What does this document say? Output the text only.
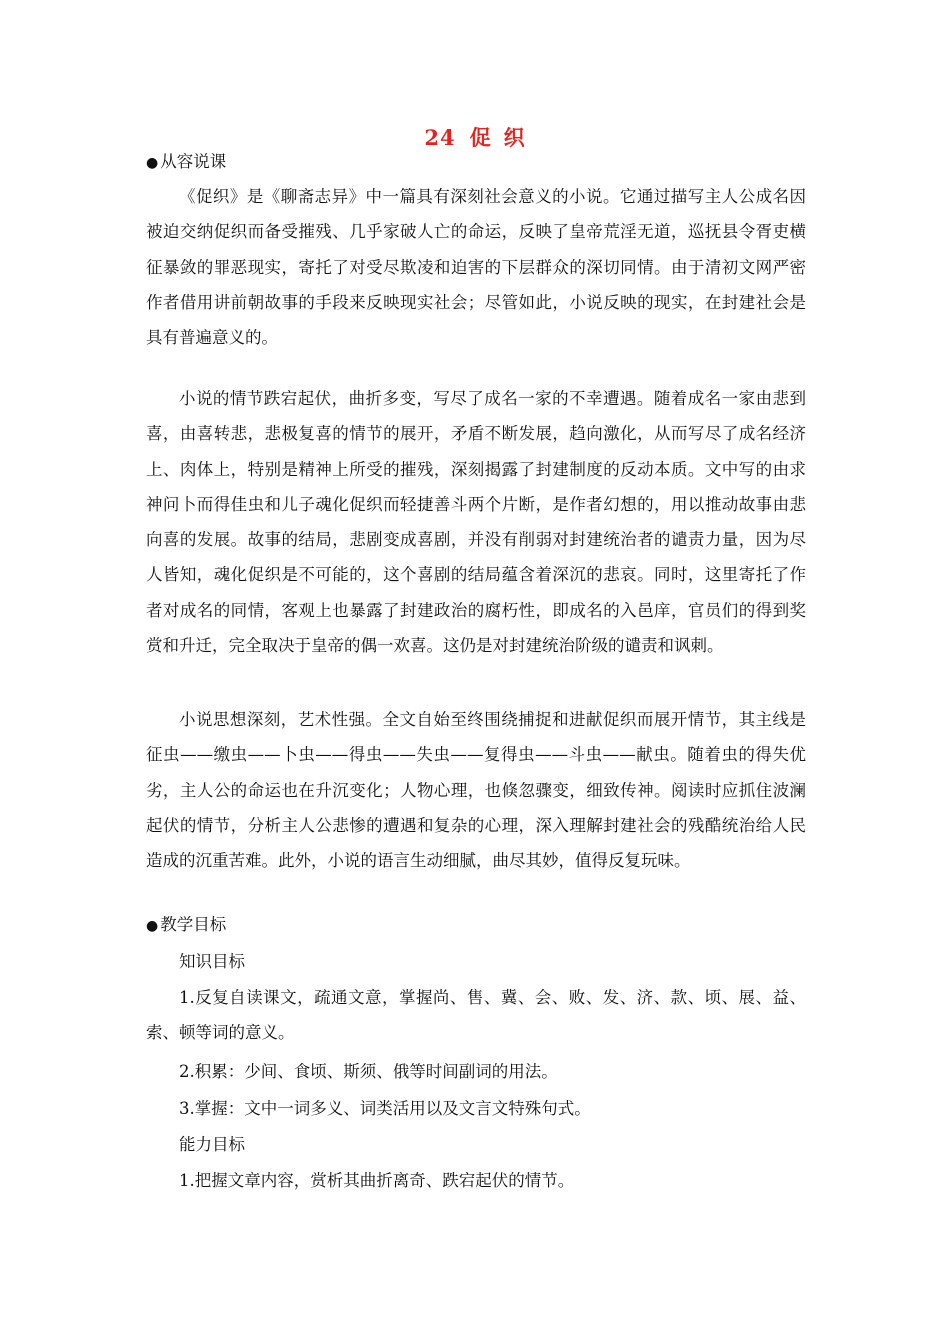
24 促 织
● 从容说课
《促织》是《聊斋志异》中一篇具有深刻社会意义的小说。它通过描写主人公成名因
被迫交纳促织而备受摧残、几乎家破人亡的命运，反映了皇帝荒淫无道，巡抚县令胥吏横
征暴敛的罪恶现实，寄托了对受尽欺凌和迫害的下层群众的深切同情。由于清初文网严密
作者借用讲前朝故事的手段来反映现实社会；尽管如此，小说反映的现实，在封建社会是
具有普遍意义的。
小说的情节跌宕起伏，曲折多变，写尽了成名一家的不幸遭遇。随着成名一家由悲到
喜，由喜转悲，悲极复喜的情节的展开，矛盾不断发展，趋向激化，从而写尽了成名经济
上、肉体上，特别是精神上所受的摧残，深刻揭露了封建制度的反动本质。文中写的由求
神问卜而得佳虫和儿子魂化促织而轻捷善斗两个片断，是作者幻想的，用以推动故事由悲
向喜的发展。故事的结局，悲剧变成喜剧，并没有削弱对封建统治者的谴责力量，因为尽
人皆知，魂化促织是不可能的，这个喜剧的结局蕴含着深沉的悲哀。同时，这里寄托了作
者对成名的同情，客观上也暴露了封建政治的腐朽性，即成名的入邑庠，官员们的得到奖
赏和升迁，完全取决于皇帝的偶一欢喜。这仍是对封建统治阶级的谴责和讽刺。
小说思想深刻，艺术性强。全文自始至终围绕捕捉和进献促织而展开情节，其主线是
征虫——缴虫——卜虫——得虫——失虫——复得虫——斗虫——献虫。随着虫的得失优
劣，主人公的命运也在升沉变化；人物心理，也倏忽骤变，细致传神。阅读时应抓住波澜
起伏的情节，分析主人公悲惨的遭遇和复杂的心理，深入理解封建社会的残酷统治给人民
造成的沉重苦难。此外，小说的语言生动细腻，曲尽其妙，值得反复玩味。
● 教学目标
知识目标
1.反复自读课文，疏通文意，掌握尚、售、冀、会、败、发、济、款、顷、展、益、
索、顿等词的意义。
2.积累：少间、食顷、斯须、俄等时间副词的用法。
3.掌握：文中一词多义、词类活用以及文言文特殊句式。
能力目标
1.把握文章内容，赏析其曲折离奇、跌宕起伏的情节。
